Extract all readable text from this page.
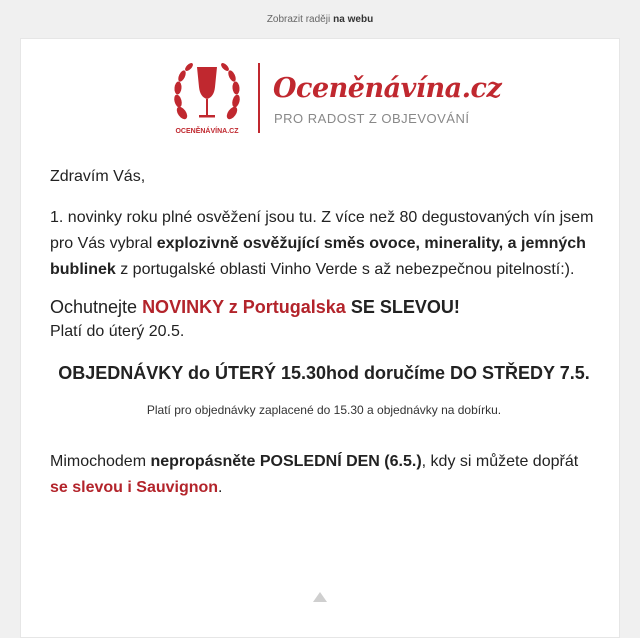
Zobrazit raději na webu
OCENĚNÁVÍNA.CZ
Oceněnávína.cz
PRO RADOST Z OBJEVOVÁNÍ

Zdravím Vás,

1. novinky roku plné osvěžení jsou tu. Z více než 80 degustovaných vín jsem pro Vás vybral explozivně osvěžující směs ovoce, minerality, a jemných bublinek z portugalské oblasti Vinho Verde s až nebezpečnou pitelností:).

Ochutnejte NOVINKY z Portugalska SE SLEVOU!

Platí do úterý 20.5.

OBJEDNÁVKY do ÚTERÝ 15.30hod doručíme DO STŘEDY 7.5.

Platí pro objednávky zaplacené do 15.30 a objednávky na dobírku.

Mimochodem nepropásněte POSLEDNÍ DEN (6.5.), kdy si můžete dopřát se slevou i Sauvignon.
